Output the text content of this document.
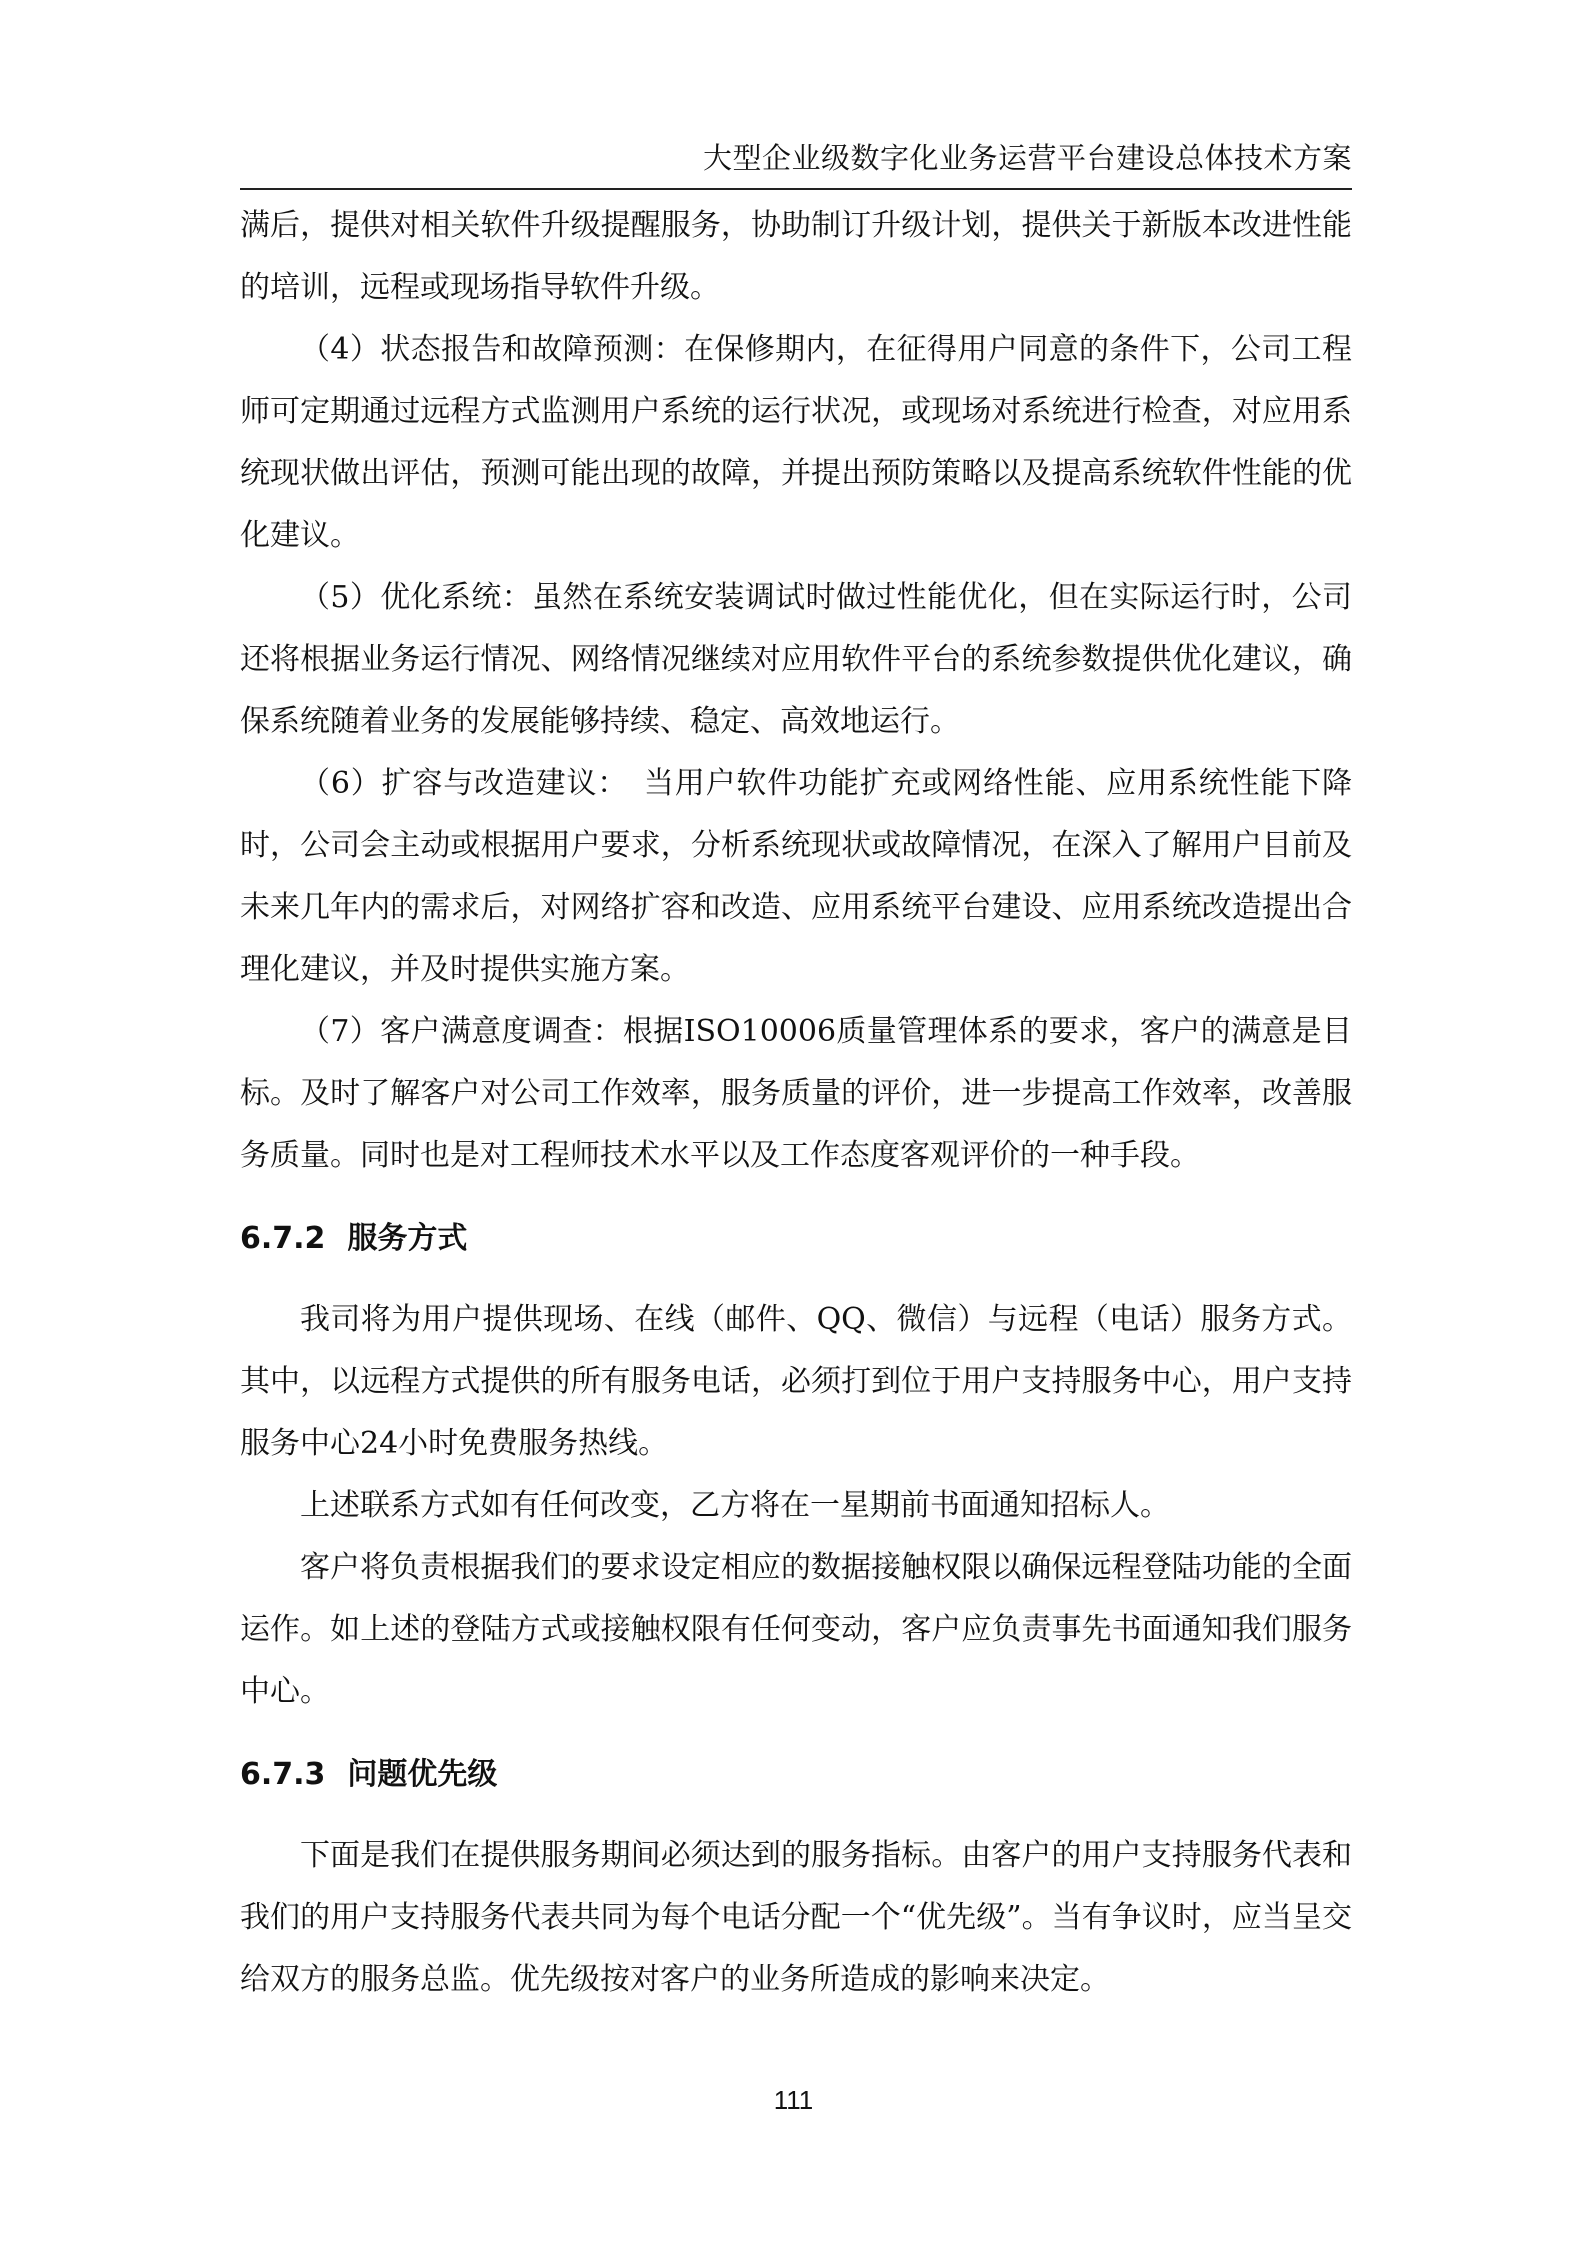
大型企业级数字化业务运营平台建设总体技术方案

满后，提供对相关软件升级提醒服务，协助制订升级计划，提供关于新版本改进性能的培训，远程或现场指导软件升级。

（4）状态报告和故障预测：在保修期内，在征得用户同意的条件下，公司工程师可定期通过远程方式监测用户系统的运行状况，或现场对系统进行检查，对应用系统现状做出评估，预测可能出现的故障，并提出预防策略以及提高系统软件性能的优化建议。

（5）优化系统：虽然在系统安装调试时做过性能优化，但在实际运行时，公司还将根据业务运行情况、网络情况继续对应用软件平台的系统参数提供优化建议，确保系统随着业务的发展能够持续、稳定、高效地运行。

（6）扩容与改造建议：　当用户软件功能扩充或网络性能、应用系统性能下降时，公司会主动或根据用户要求，分析系统现状或故障情况，在深入了解用户目前及未来几年内的需求后，对网络扩容和改造、应用系统平台建设、应用系统改造提出合理化建议，并及时提供实施方案。

（7）客户满意度调查：根据ISO10006质量管理体系的要求，客户的满意是目标。及时了解客户对公司工作效率，服务质量的评价，进一步提高工作效率，改善服务质量。同时也是对工程师技术水平以及工作态度客观评价的一种手段。

6.7.2 服务方式

我司将为用户提供现场、在线（邮件、QQ、微信）与远程（电话）服务方式。其中，以远程方式提供的所有服务电话，必须打到位于用户支持服务中心，用户支持服务中心24小时免费服务热线。

上述联系方式如有任何改变，乙方将在一星期前书面通知招标人。

客户将负责根据我们的要求设定相应的数据接触权限以确保远程登陆功能的全面运作。如上述的登陆方式或接触权限有任何变动，客户应负责事先书面通知我们服务中心。

6.7.3 问题优先级

下面是我们在提供服务期间必须达到的服务指标。由客户的用户支持服务代表和我们的用户支持服务代表共同为每个电话分配一个“优先级”。当有争议时，应当呈交给双方的服务总监。优先级按对客户的业务所造成的影响来决定。

111
